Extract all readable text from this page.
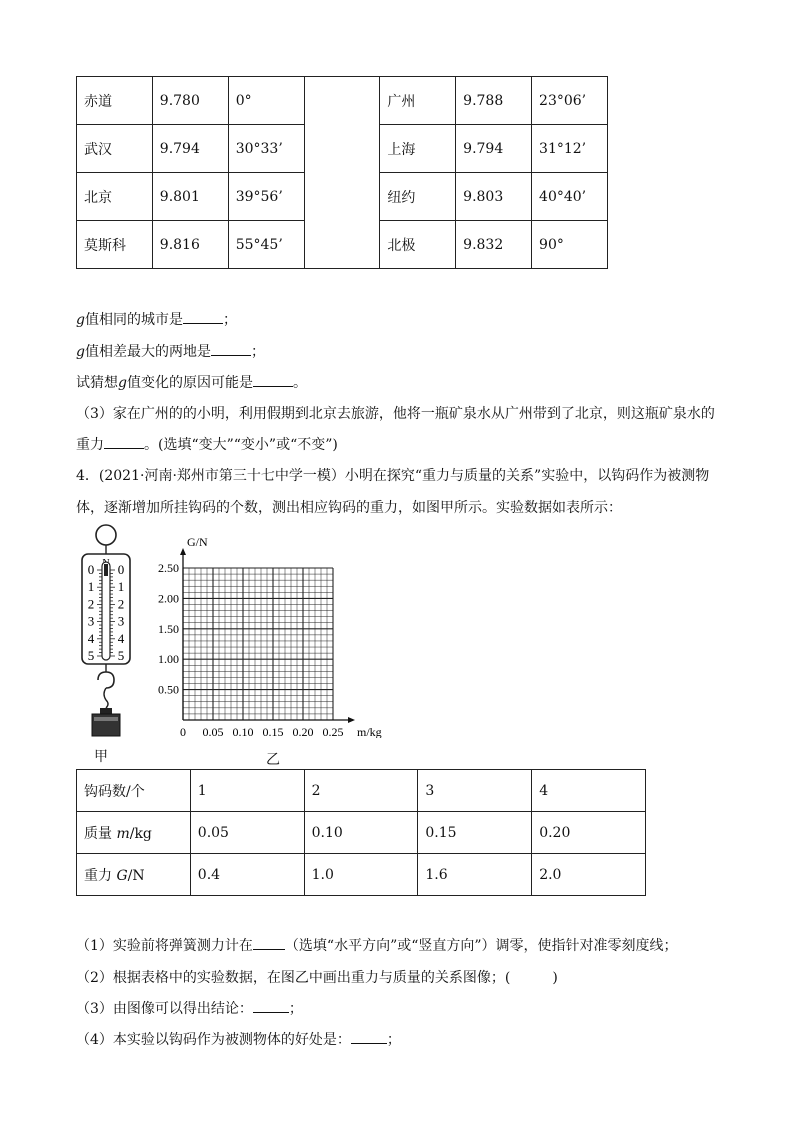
赤道	9.780	0°		广州	9.788	23°06’
武汉	9.794	30°33’		上海	9.794	31°12’
北京	9.801	39°56’		纽约	9.803	40°40’
莫斯科	9.816	55°45’		北极	9.832	90°
g值相同的城市是	；
g值相差最大的两地是	；
试猜想g值变化的原因可能是	。
（3）家在广州的的小明，利用假期到北京去旅游，他将一瓶矿泉水从广州带到了北京，则这瓶矿泉水的
重力	。(选填“变大”“变小”或“不变”)
4．(2021·河南·郑州市第三十七中学一模）小明在探究“重力与质量的关系”实验中，以钩码作为被测物
体，逐渐增加所挂钩码的个数，测出相应钩码的重力，如图甲所示。实验数据如表所示：
0 0
1 1
2 2
3 3
4 4
5 5
甲
G/N
m/kg
0.50
1.00
1.50
2.00
2.50
0 0.05 0.10 0.15 0.20 0.25
乙
钩码数/个	1	2	3	4
质量 m/kg	0.05	0.10	0.15	0.20
重力 G/N	0.4	1.0	1.6	2.0
（1）实验前将弹簧测力计在 （选填“水平方向”或“竖直方向”）调零，使指针对准零刻度线；
（2）根据表格中的实验数据，在图乙中画出重力与质量的关系图像；(　　　)
（3）由图像可以得出结论：	；
（4）本实验以钩码作为被测物体的好处是：	；
